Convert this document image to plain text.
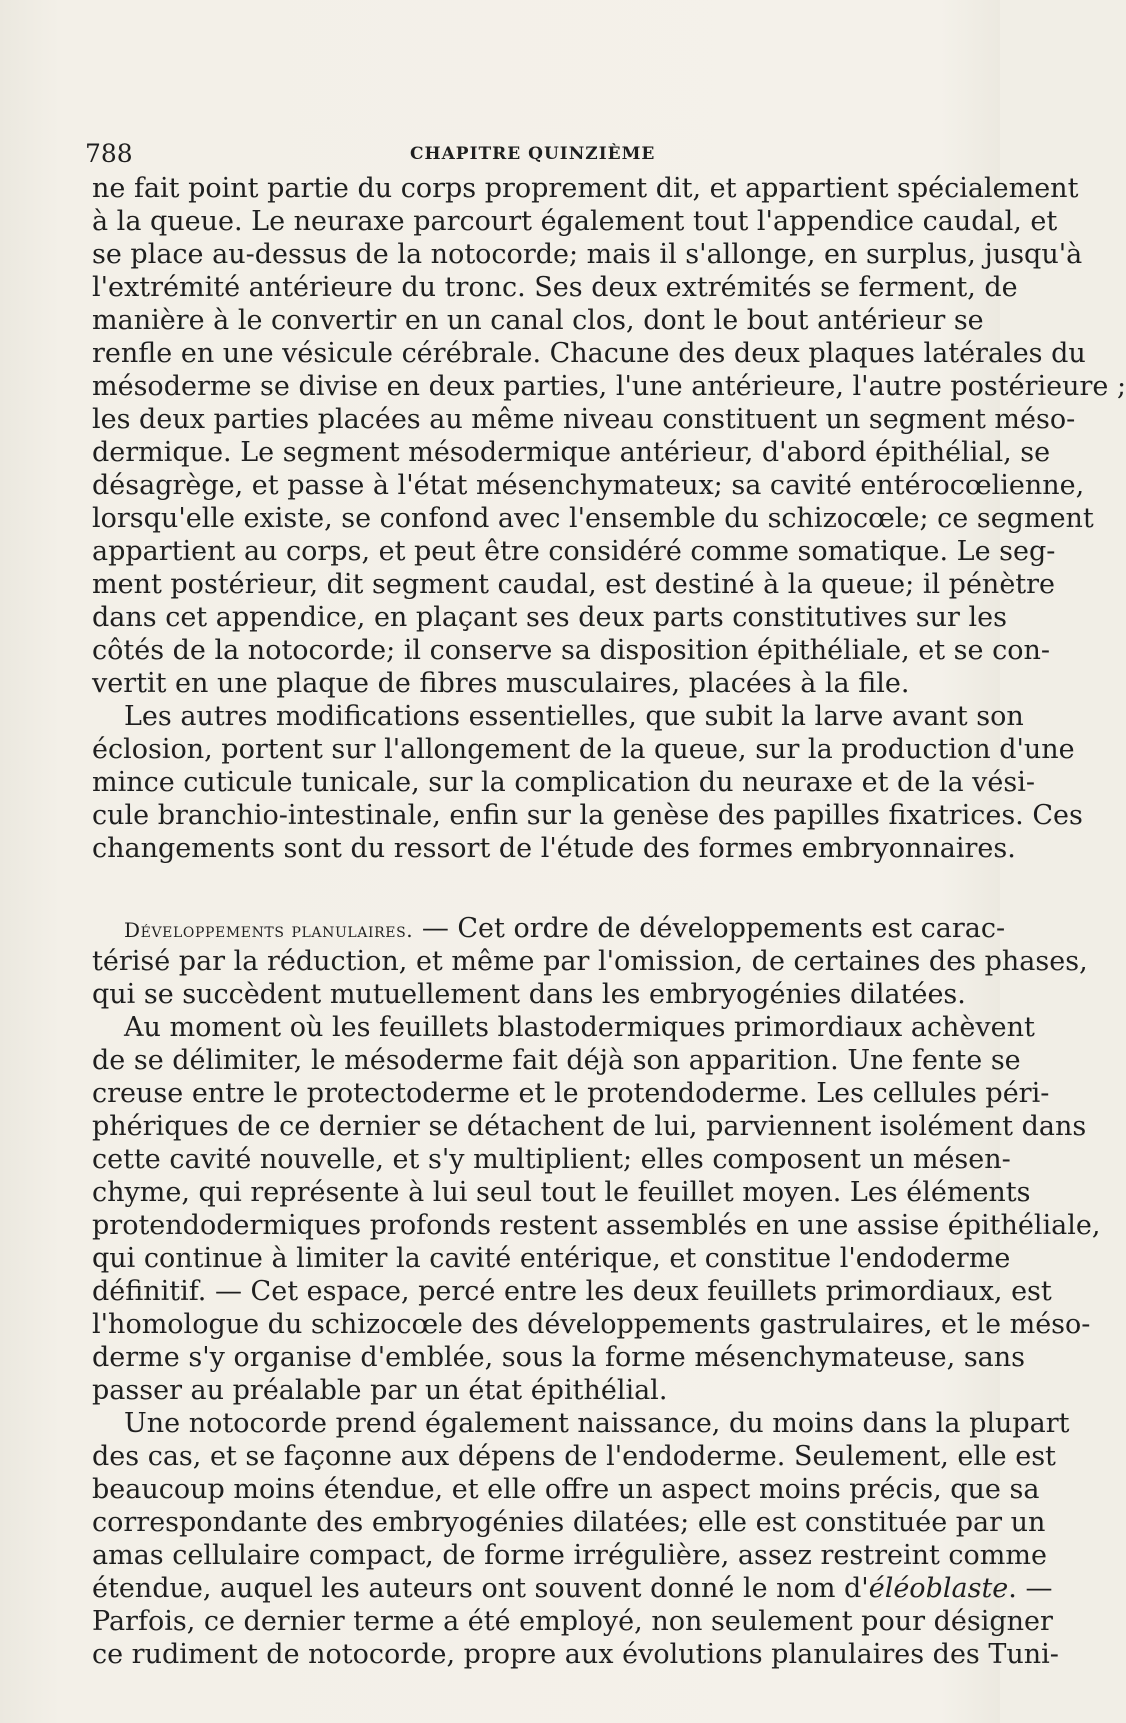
788	CHAPITRE QUINZIÈME
ne fait point partie du corps proprement dit, et appartient spécialement
à la queue. Le neuraxe parcourt également tout l'appendice caudal, et
se place au-dessus de la notocorde; mais il s'allonge, en surplus, jusqu'à
l'extrémité antérieure du tronc. Ses deux extrémités se ferment, de
manière à le convertir en un canal clos, dont le bout antérieur se
renfle en une vésicule cérébrale. Chacune des deux plaques latérales du
mésoderme se divise en deux parties, l'une antérieure, l'autre postérieure ;
les deux parties placées au même niveau constituent un segment méso-
dermique. Le segment mésodermique antérieur, d'abord épithélial, se
désagrège, et passe à l'état mésenchymateux; sa cavité entérocœlienne,
lorsqu'elle existe, se confond avec l'ensemble du schizocœle; ce segment
appartient au corps, et peut être considéré comme somatique. Le seg-
ment postérieur, dit segment caudal, est destiné à la queue; il pénètre
dans cet appendice, en plaçant ses deux parts constitutives sur les
côtés de la notocorde; il conserve sa disposition épithéliale, et se con-
vertit en une plaque de fibres musculaires, placées à la file.
Les autres modifications essentielles, que subit la larve avant son
éclosion, portent sur l'allongement de la queue, sur la production d'une
mince cuticule tunicale, sur la complication du neuraxe et de la vési-
cule branchio-intestinale, enfin sur la genèse des papilles fixatrices. Ces
changements sont du ressort de l'étude des formes embryonnaires.
Développements planulaires. — Cet ordre de développements est carac-
térisé par la réduction, et même par l'omission, de certaines des phases,
qui se succèdent mutuellement dans les embryogénies dilatées.
Au moment où les feuillets blastodermiques primordiaux achèvent
de se délimiter, le mésoderme fait déjà son apparition. Une fente se
creuse entre le protectoderme et le protendoderme. Les cellules péri-
phériques de ce dernier se détachent de lui, parviennent isolément dans
cette cavité nouvelle, et s'y multiplient; elles composent un mésen-
chyme, qui représente à lui seul tout le feuillet moyen. Les éléments
protendodermiques profonds restent assemblés en une assise épithéliale,
qui continue à limiter la cavité entérique, et constitue l'endoderme
définitif. — Cet espace, percé entre les deux feuillets primordiaux, est
l'homologue du schizocœle des développements gastrulaires, et le méso-
derme s'y organise d'emblée, sous la forme mésenchymateuse, sans
passer au préalable par un état épithélial.
Une notocorde prend également naissance, du moins dans la plupart
des cas, et se façonne aux dépens de l'endoderme. Seulement, elle est
beaucoup moins étendue, et elle offre un aspect moins précis, que sa
correspondante des embryogénies dilatées; elle est constituée par un
amas cellulaire compact, de forme irrégulière, assez restreint comme
étendue, auquel les auteurs ont souvent donné le nom d'éléoblaste. —
Parfois, ce dernier terme a été employé, non seulement pour désigner
ce rudiment de notocorde, propre aux évolutions planulaires des Tuni-
